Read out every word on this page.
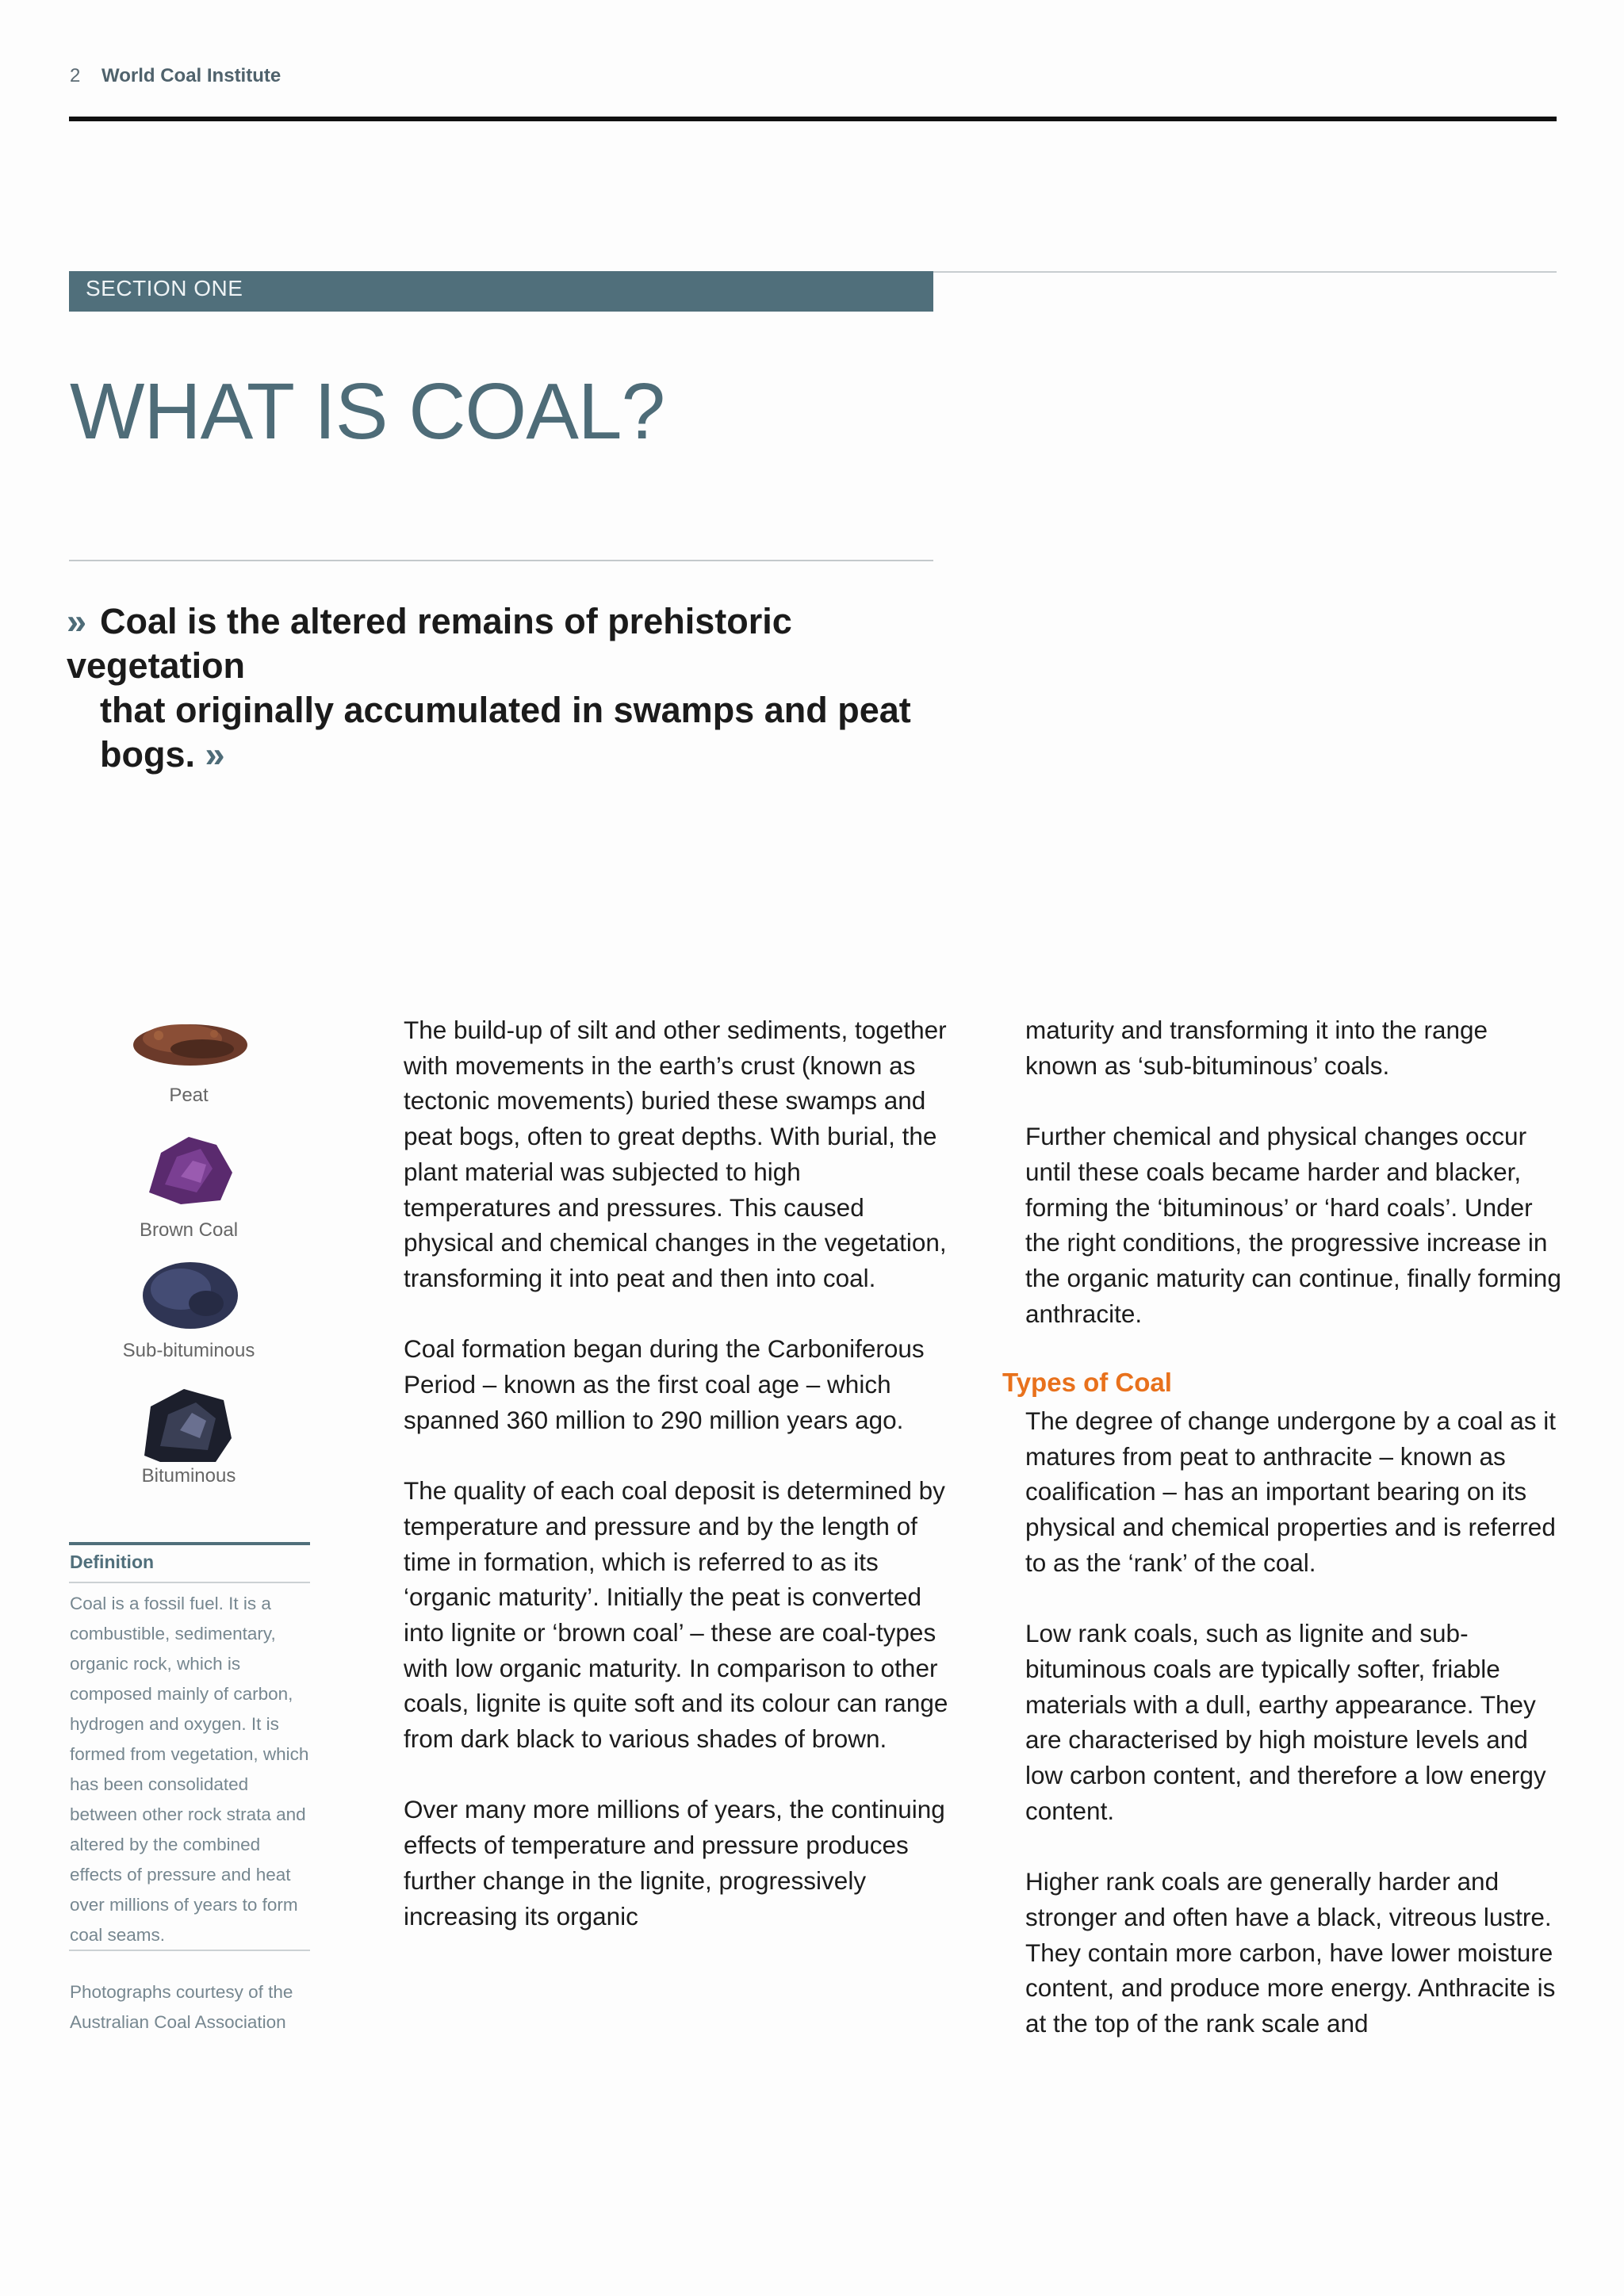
2 World Coal Institute
SECTION ONE
WHAT IS COAL?
» Coal is the altered remains of prehistoric vegetation
that originally accumulated in swamps and peat bogs. »
Peat
Brown Coal
Sub-bituminous
Bituminous
Definition
Coal is a fossil fuel. It is a combustible, sedimentary, organic rock, which is composed mainly of carbon, hydrogen and oxygen. It is formed from vegetation, which has been consolidated between other rock strata and altered by the combined effects of pressure and heat over millions of years to form coal seams.
Photographs courtesy of the Australian Coal Association

The build-up of silt and other sediments, together with movements in the earth’s crust (known as tectonic movements) buried these swamps and peat bogs, often to great depths. With burial, the plant material was subjected to high temperatures and pressures. This caused physical and chemical changes in the vegetation, transforming it into peat and then into coal.

Coal formation began during the Carboniferous Period – known as the first coal age – which spanned 360 million to 290 million years ago.

The quality of each coal deposit is determined by temperature and pressure and by the length of time in formation, which is referred to as its ‘organic maturity’. Initially the peat is converted into lignite or ‘brown coal’ – these are coal-types with low organic maturity. In comparison to other coals, lignite is quite soft and its colour can range from dark black to various shades of brown.

Over many more millions of years, the continuing effects of temperature and pressure produces further change in the lignite, progressively increasing its organic

maturity and transforming it into the range known as ‘sub-bituminous’ coals.

Further chemical and physical changes occur until these coals became harder and blacker, forming the ‘bituminous’ or ‘hard coals’. Under the right conditions, the progressive increase in the organic maturity can continue, finally forming anthracite.

Types of Coal

The degree of change undergone by a coal as it matures from peat to anthracite – known as coalification – has an important bearing on its physical and chemical properties and is referred to as the ‘rank’ of the coal.

Low rank coals, such as lignite and sub-bituminous coals are typically softer, friable materials with a dull, earthy appearance. They are characterised by high moisture levels and low carbon content, and therefore a low energy content.

Higher rank coals are generally harder and stronger and often have a black, vitreous lustre. They contain more carbon, have lower moisture content, and produce more energy. Anthracite is at the top of the rank scale and
